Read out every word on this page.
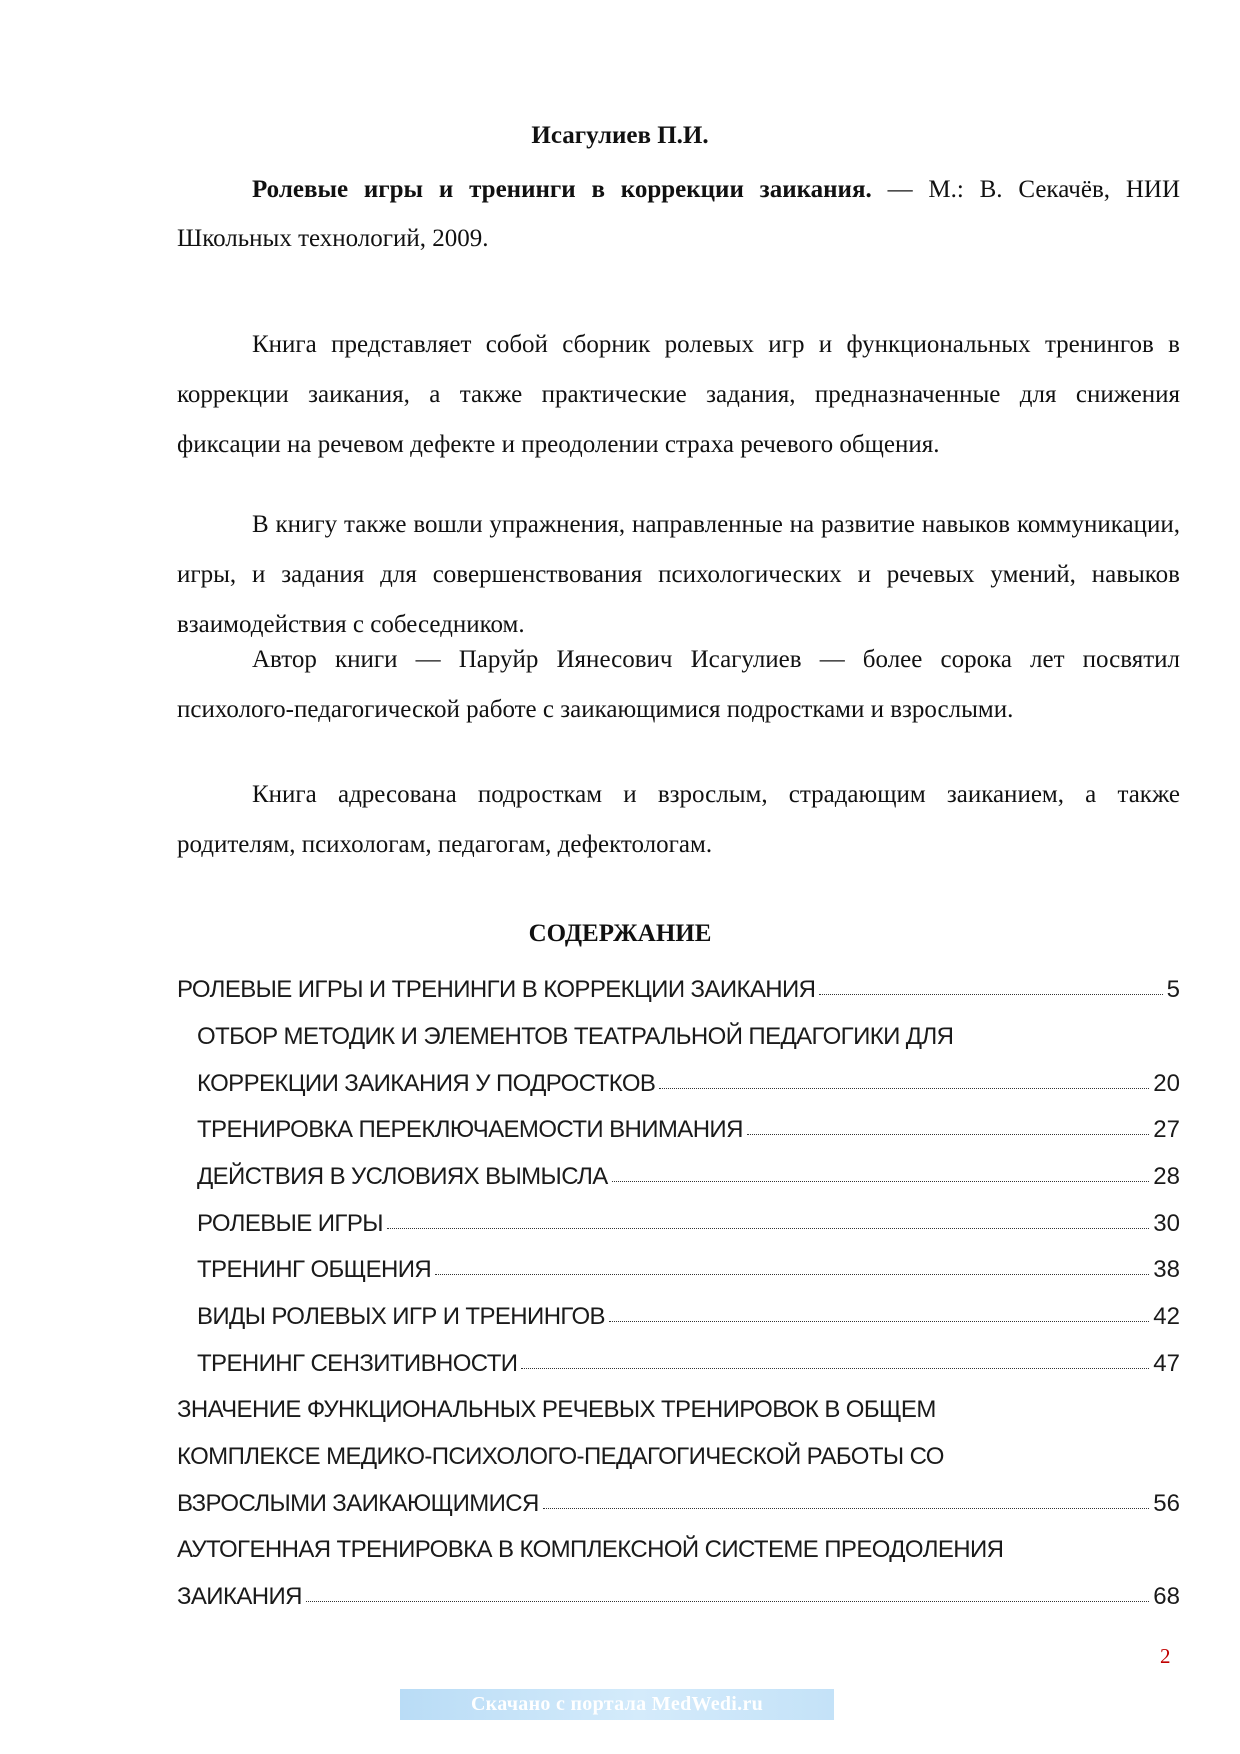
Исагулиев П.И.
Ролевые игры и тренинги в коррекции заикания. — М.: В. Секачёв, НИИ Школьных технологий, 2009.

Книга представляет собой сборник ролевых игр и функциональных тренингов в коррекции заикания, а также практические задания, предназначенные для снижения фиксации на речевом дефекте и преодолении страха речевого общения.

В книгу также вошли упражнения, направленные на развитие навыков коммуникации, игры, и задания для совершенствования психологических и речевых умений, навыков взаимодействия с собеседником.

Автор книги — Паруйр Иянесович Исагулиев — более сорока лет посвятил психолого-педагогической работе с заикающимися подростками и взрослыми.

Книга адресована подросткам и взрослым, страдающим заиканием, а также родителям, психологам, педагогам, дефектологам.

СОДЕРЖАНИЕ
РОЛЕВЫЕ ИГРЫ И ТРЕНИНГИ В КОРРЕКЦИИ ЗАИКАНИЯ	5
ОТБОР МЕТОДИК И ЭЛЕМЕНТОВ ТЕАТРАЛЬНОЙ ПЕДАГОГИКИ ДЛЯ
КОРРЕКЦИИ ЗАИКАНИЯ У ПОДРОСТКОВ	20
ТРЕНИРОВКА ПЕРЕКЛЮЧАЕМОСТИ ВНИМАНИЯ	27
ДЕЙСТВИЯ В УСЛОВИЯХ ВЫМЫСЛА	28
РОЛЕВЫЕ ИГРЫ	30
ТРЕНИНГ ОБЩЕНИЯ	38
ВИДЫ РОЛЕВЫХ ИГР И ТРЕНИНГОВ	42
ТРЕНИНГ СЕНЗИТИВНОСТИ	47
ЗНАЧЕНИЕ ФУНКЦИОНАЛЬНЫХ РЕЧЕВЫХ ТРЕНИРОВОК В ОБЩЕМ
КОМПЛЕКСЕ МЕДИКО-ПСИХОЛОГО-ПЕДАГОГИЧЕСКОЙ РАБОТЫ СО
ВЗРОСЛЫМИ ЗАИКАЮЩИМИСЯ	56
АУТОГЕННАЯ ТРЕНИРОВКА В КОМПЛЕКСНОЙ СИСТЕМЕ ПРЕОДОЛЕНИЯ
ЗАИКАНИЯ	68
2
Скачано с портала MedWedi.ru
